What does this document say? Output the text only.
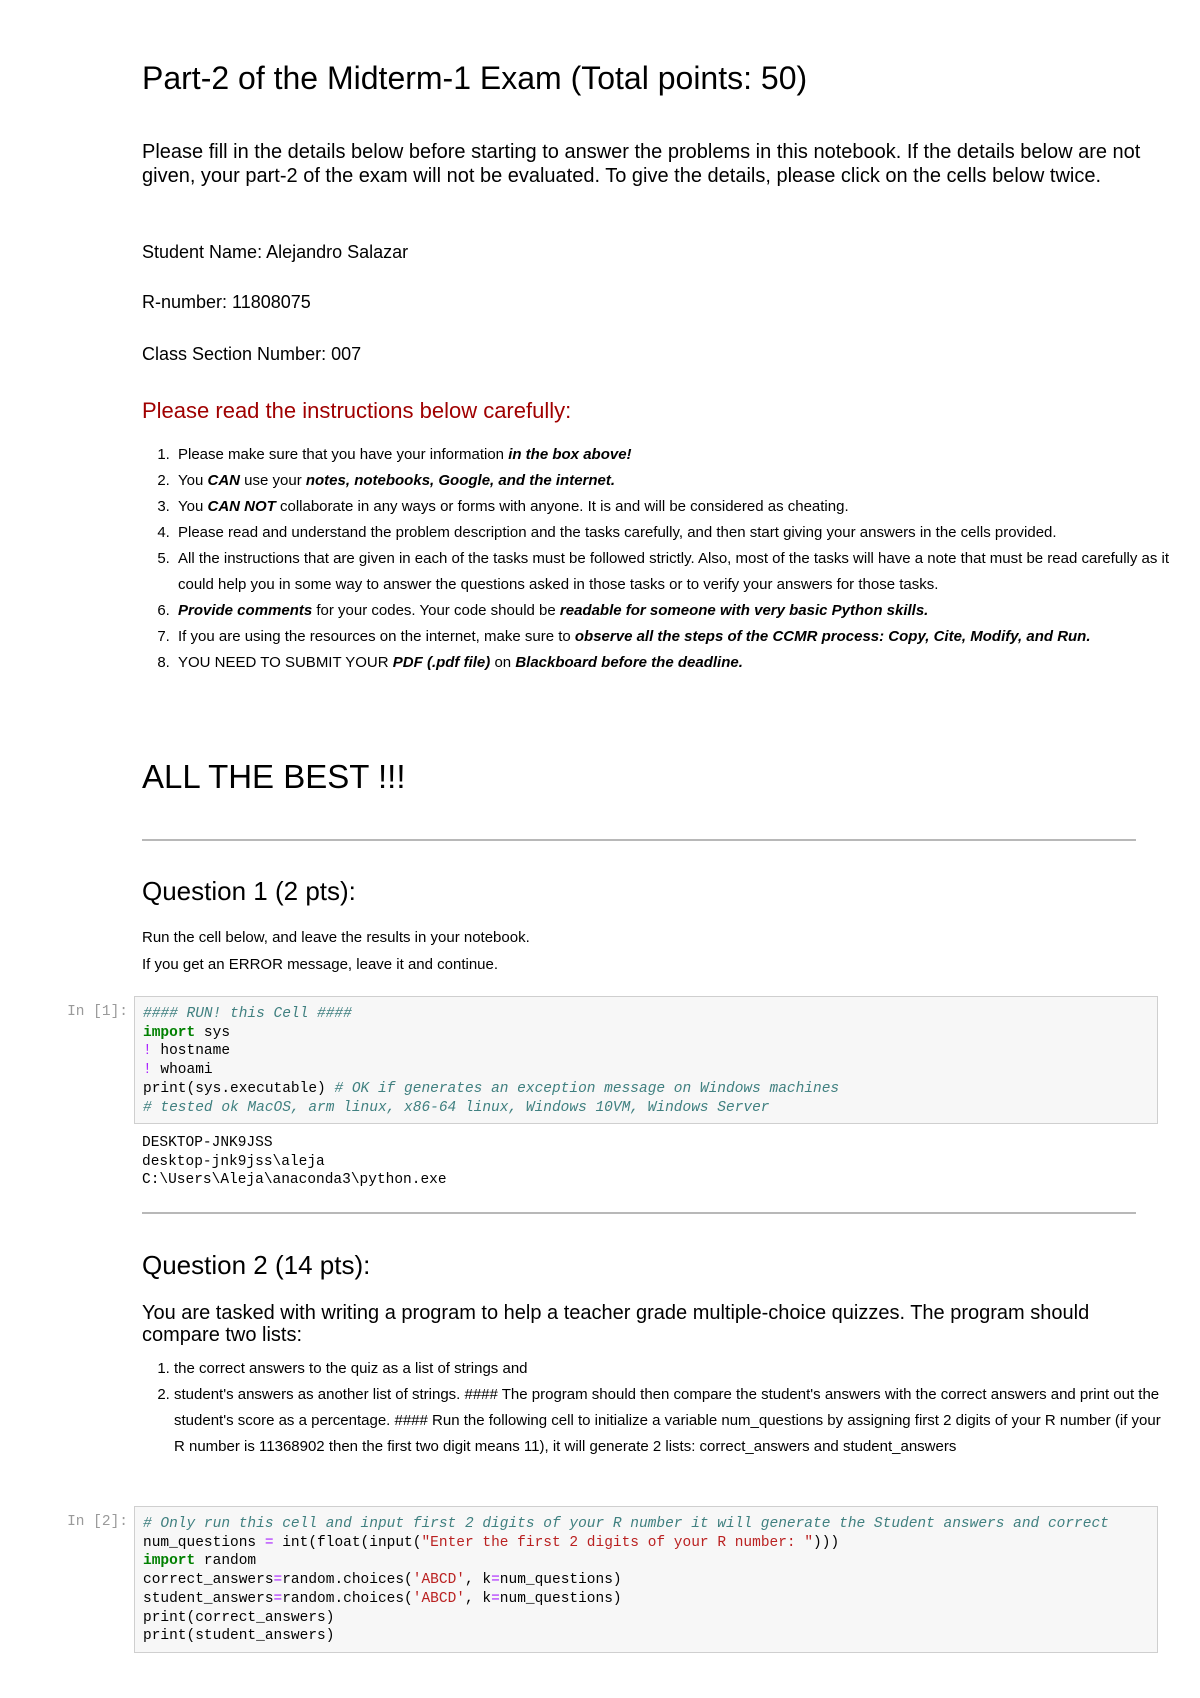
Part-2 of the Midterm-1 Exam (Total points: 50)

Please fill in the details below before starting to answer the problems in this notebook. If the details below are not given, your part-2 of the exam will not be evaluated. To give the details, please click on the cells below twice.

Student Name: Alejandro Salazar

R-number: 11808075

Class Section Number: 007

Please read the instructions below carefully:

1. Please make sure that you have your information in the box above!
2. You CAN use your notes, notebooks, Google, and the internet.
3. You CAN NOT collaborate in any ways or forms with anyone. It is and will be considered as cheating.
4. Please read and understand the problem description and the tasks carefully, and then start giving your answers in the cells provided.
5. All the instructions that are given in each of the tasks must be followed strictly. Also, most of the tasks will have a note that must be read carefully as it could help you in some way to answer the questions asked in those tasks or to verify your answers for those tasks.
6. Provide comments for your codes. Your code should be readable for someone with very basic Python skills.
7. If you are using the resources on the internet, make sure to observe all the steps of the CCMR process: Copy, Cite, Modify, and Run.
8. YOU NEED TO SUBMIT YOUR PDF (.pdf file) on Blackboard before the deadline.
ALL THE BEST !!!
Question 1 (2 pts):

Run the cell below, and leave the results in your notebook.

If you get an ERROR message, leave it and continue.

In [1]:	#### RUN! this Cell ####
import sys
! hostname
! whoami
print(sys.executable) # OK if generates an exception message on Windows machines
# tested ok MacOS, arm linux, x86-64 linux, Windows 10VM, Windows Server
DESKTOP-JNK9JSS
desktop-jnk9jss\aleja
C:\Users\Aleja\anaconda3\python.exe
Question 2 (14 pts):

You are tasked with writing a program to help a teacher grade multiple-choice quizzes. The program should compare two lists:

1. the correct answers to the quiz as a list of strings and
2. student's answers as another list of strings. #### The program should then compare the student's answers with the correct answers and print out the student's score as a percentage. #### Run the following cell to initialize a variable num_questions by assigning first 2 digits of your R number (if your R number is 11368902 then the first two digit means 11), it will generate 2 lists: correct_answers and student_answers
In [2]:	# Only run this cell and input first 2 digits of your R number it will generate the Student answers and correct
num_questions = int(float(input("Enter the first 2 digits of your R number: ")))
import random
correct_answers=random.choices('ABCD', k=num_questions)
student_answers=random.choices('ABCD', k=num_questions)
print(correct_answers)
print(student_answers)
